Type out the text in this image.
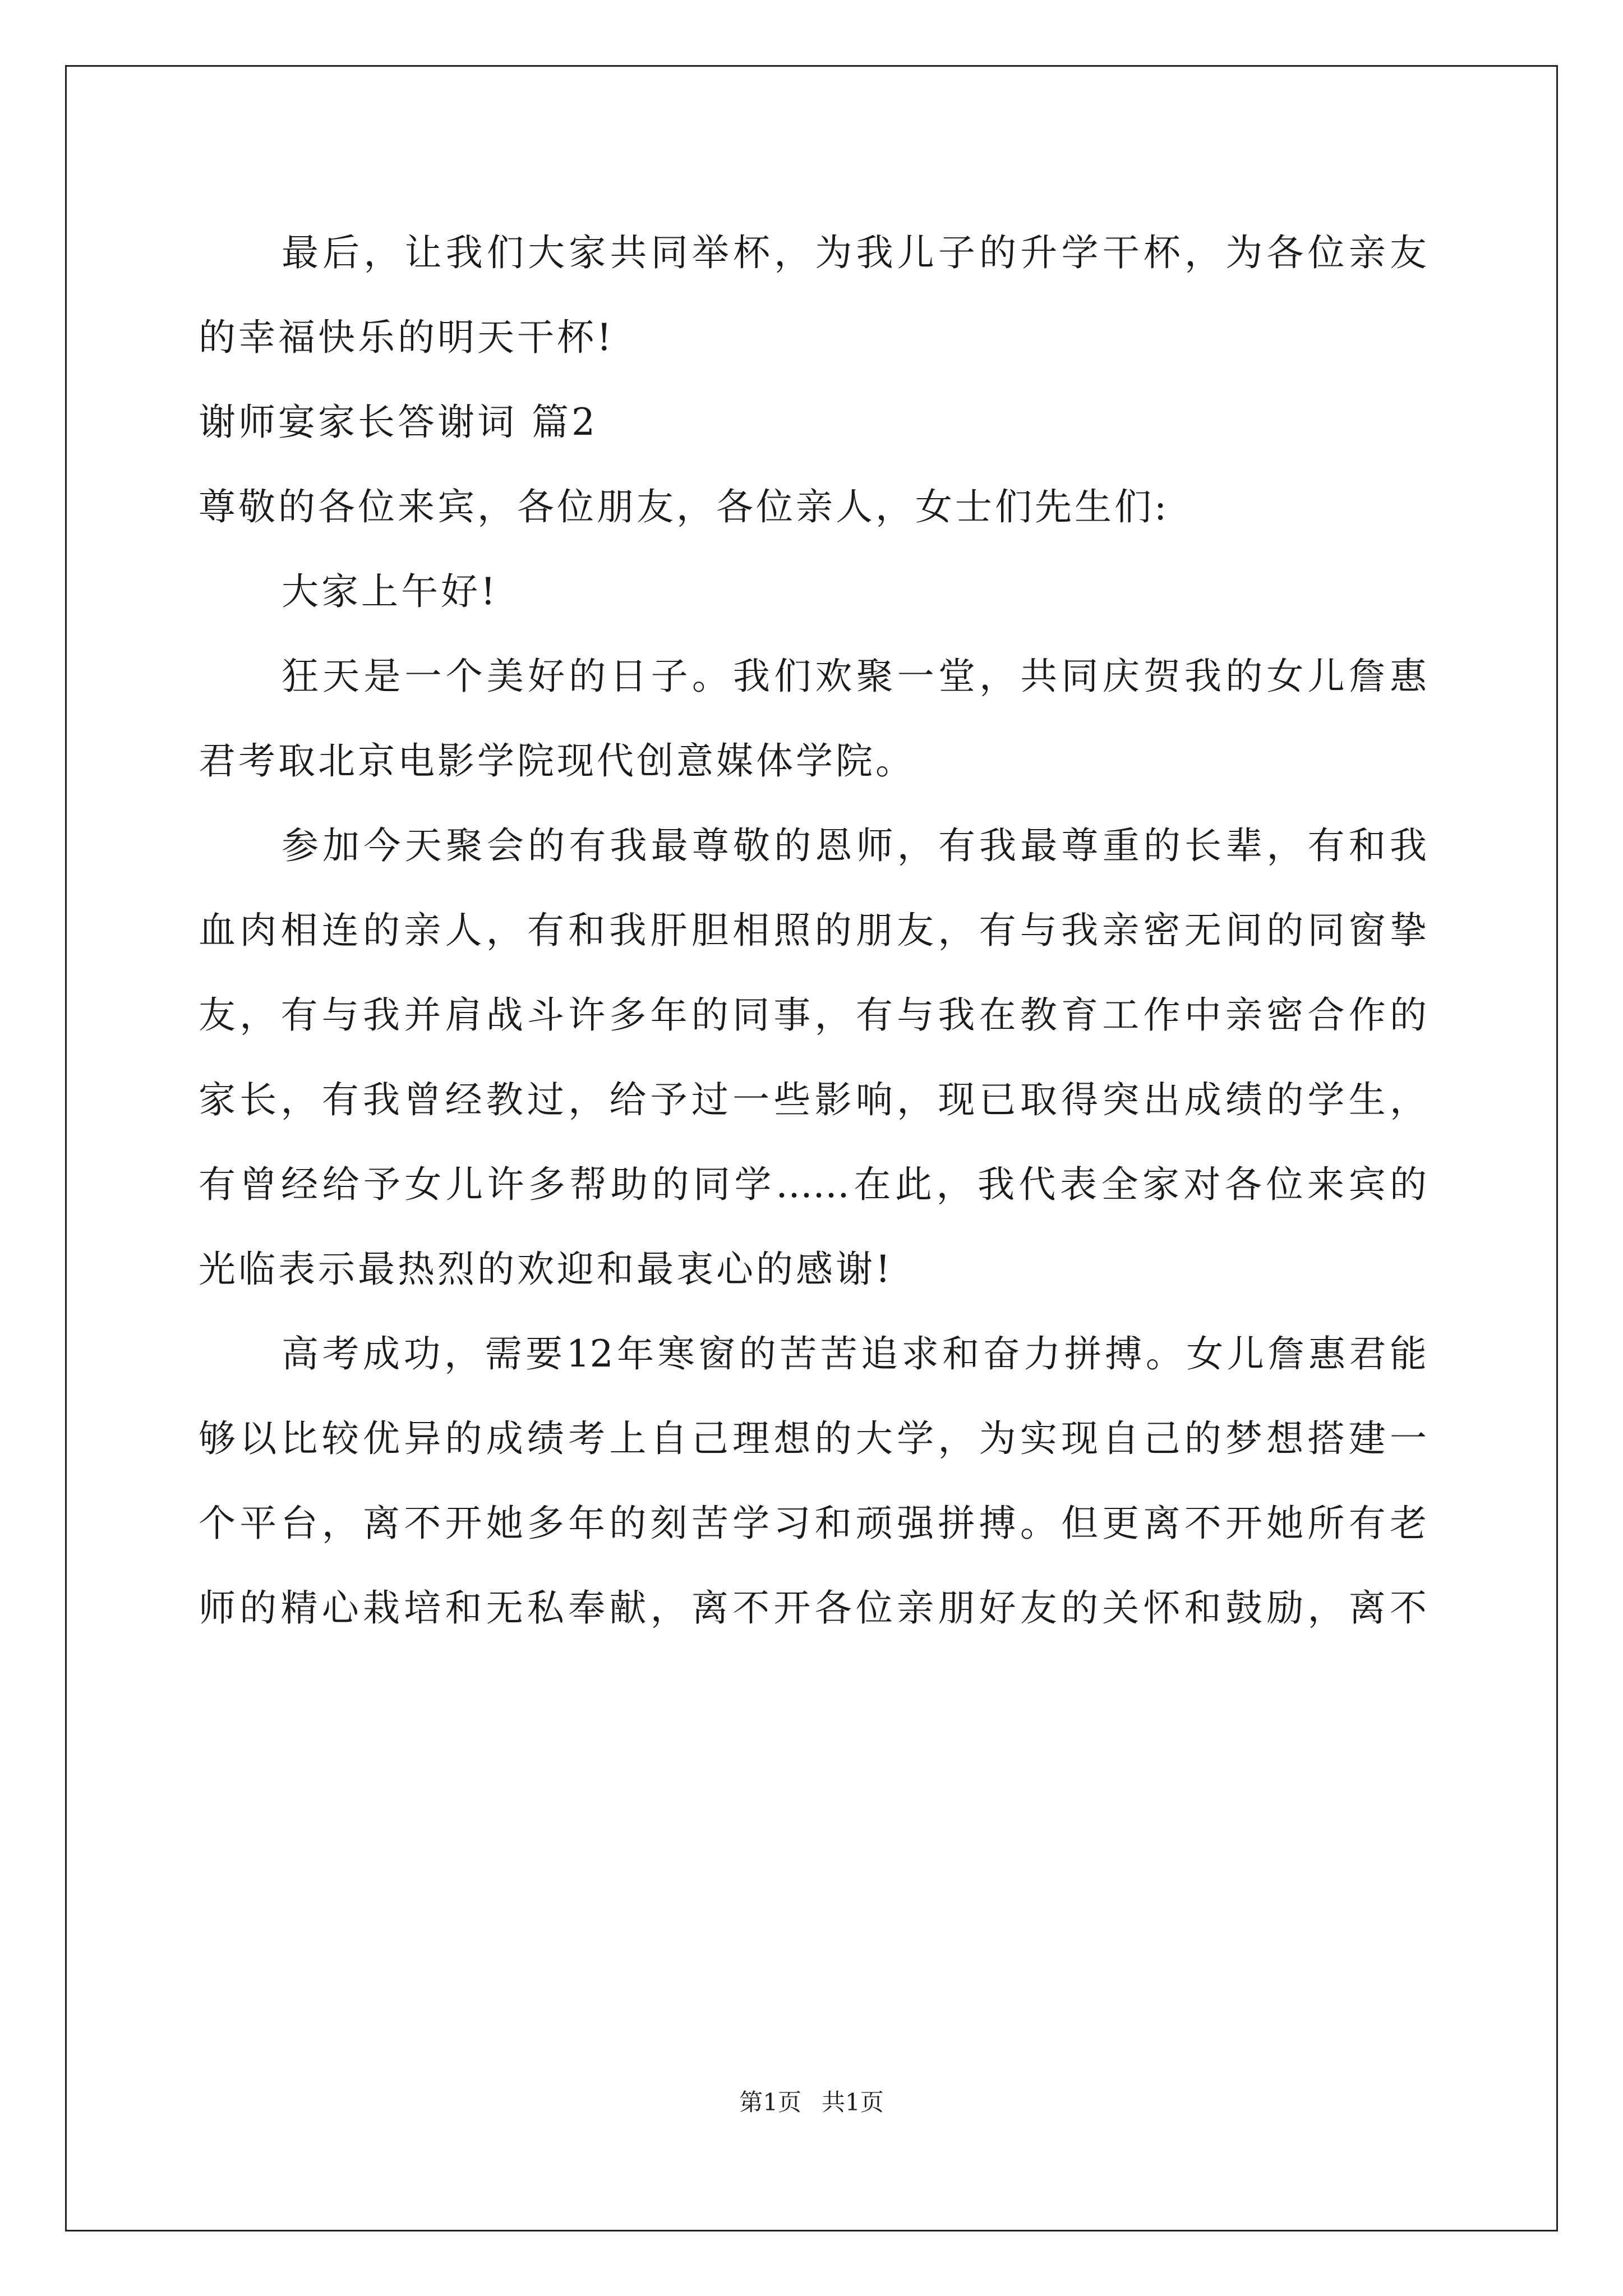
最后，让我们大家共同举杯，为我儿子的升学干杯，为各位亲友
的幸福快乐的明天干杯!
谢师宴家长答谢词 篇2
尊敬的各位来宾，各位朋友，各位亲人，女士们先生们:
大家上午好!
狂天是一个美好的日子。我们欢聚一堂，共同庆贺我的女儿詹惠
君考取北京电影学院现代创意媒体学院。
参加今天聚会的有我最尊敬的恩师，有我最尊重的长辈，有和我
血肉相连的亲人，有和我肝胆相照的朋友，有与我亲密无间的同窗挚
友，有与我并肩战斗许多年的同事，有与我在教育工作中亲密合作的
家长，有我曾经教过，给予过一些影响，现已取得突出成绩的学生，
有曾经给予女儿许多帮助的同学……在此，我代表全家对各位来宾的
光临表示最热烈的欢迎和最衷心的感谢!
高考成功，需要12年寒窗的苦苦追求和奋力拼搏。女儿詹惠君能
够以比较优异的成绩考上自己理想的大学，为实现自己的梦想搭建一
个平台，离不开她多年的刻苦学习和顽强拼搏。但更离不开她所有老
师的精心栽培和无私奉献，离不开各位亲朋好友的关怀和鼓励，离不
第1页 共1页
